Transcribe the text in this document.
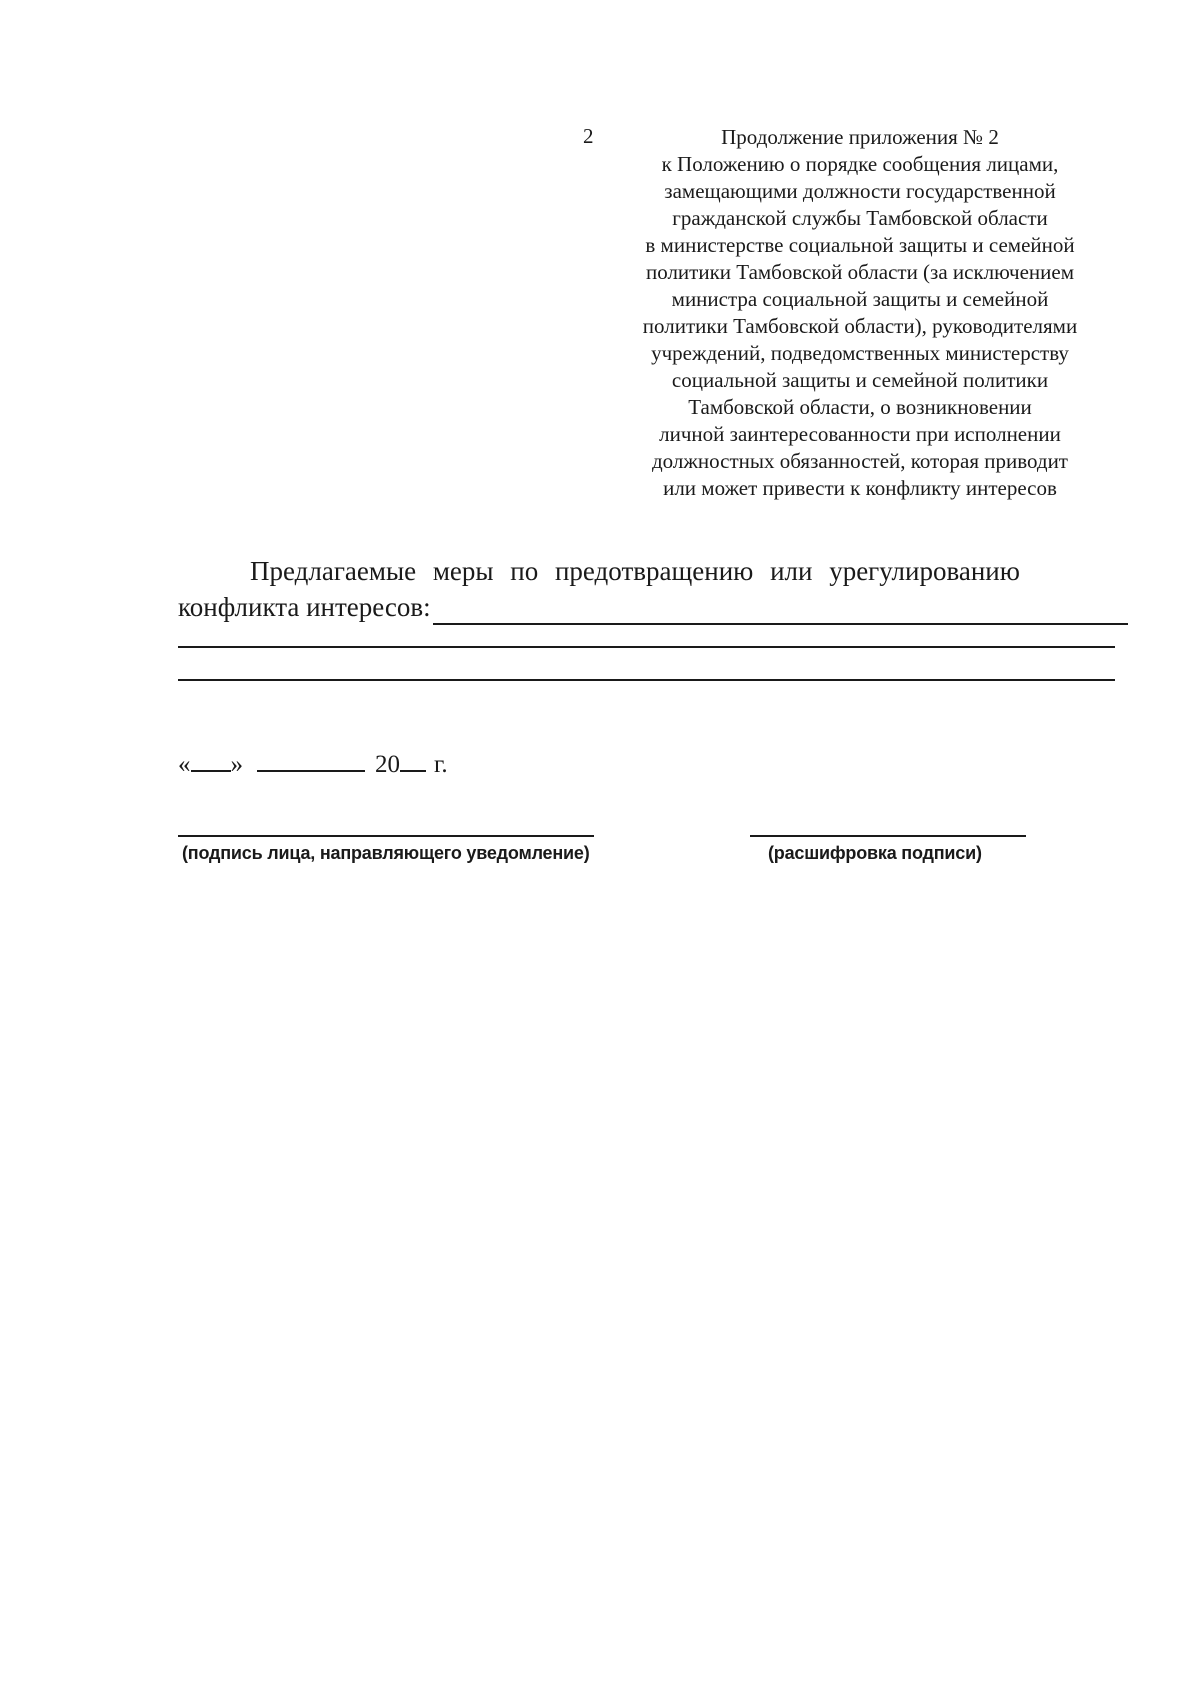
2	Продолжение приложения № 2
к Положению о порядке сообщения лицами,
замещающими должности государственной
гражданской службы Тамбовской области
в министерстве социальной защиты и семейной
политики Тамбовской области (за исключением
министра социальной защиты и семейной
политики Тамбовской области), руководителями
учреждений, подведомственных министерству
социальной защиты и семейной политики
Тамбовской области, о возникновении
личной заинтересованности при исполнении
должностных обязанностей, которая приводит
или может привести к конфликту интересов
Предлагаемые меры по предотвращению или урегулированию
конфликта интересов:
« »	20 г.
(подпись лица, направляющего уведомление)	(расшифровка подписи)
